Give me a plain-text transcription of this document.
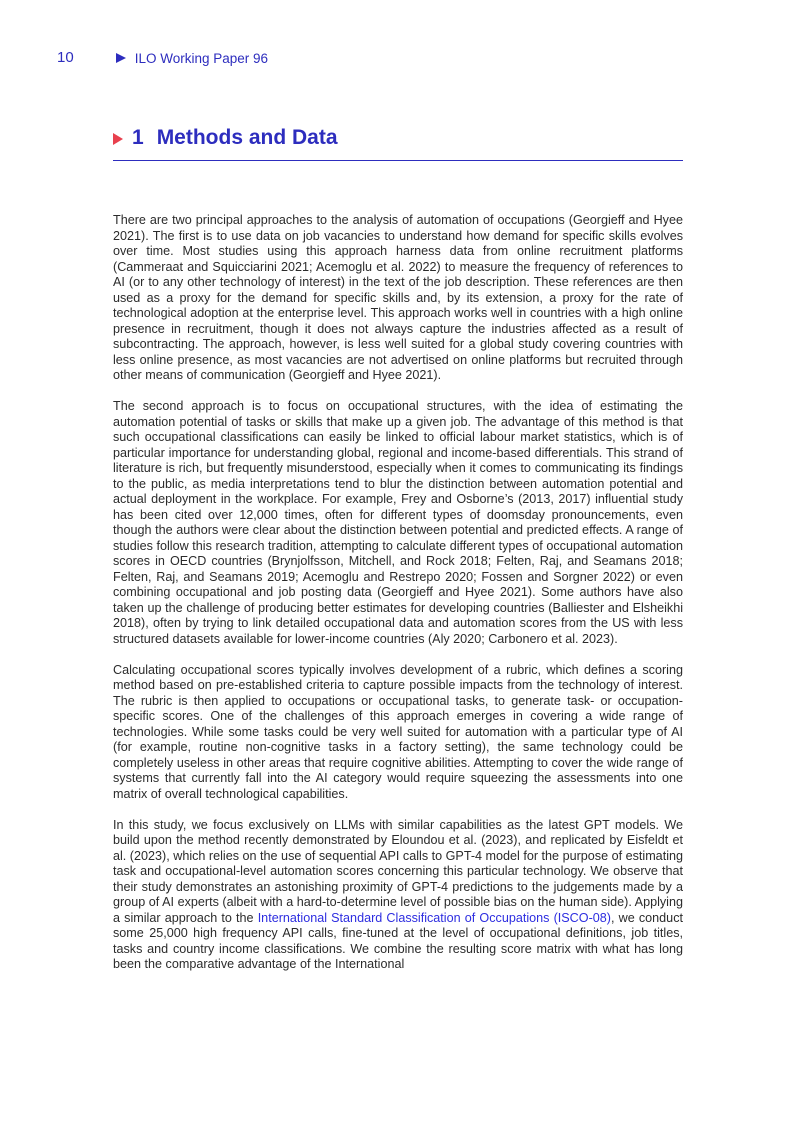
10	ILO Working Paper 96
1 Methods and Data

There are two principal approaches to the analysis of automation of occupations (Georgieff and Hyee 2021). The first is to use data on job vacancies to understand how demand for specific skills evolves over time. Most studies using this approach harness data from online recruitment platforms (Cammeraat and Squicciarini 2021; Acemoglu et al. 2022) to measure the frequency of references to AI (or to any other technology of interest) in the text of the job description. These references are then used as a proxy for the demand for specific skills and, by its extension, a proxy for the rate of technological adoption at the enterprise level. This approach works well in countries with a high online presence in recruitment, though it does not always capture the industries affected as a result of subcontracting. The approach, however, is less well suited for a global study covering countries with less online presence, as most vacancies are not advertised on online platforms but recruited through other means of communication (Georgieff and Hyee 2021).

The second approach is to focus on occupational structures, with the idea of estimating the automation potential of tasks or skills that make up a given job. The advantage of this method is that such occupational classifications can easily be linked to official labour market statistics, which is of particular importance for understanding global, regional and income-based differentials. This strand of literature is rich, but frequently misunderstood, especially when it comes to communicating its findings to the public, as media interpretations tend to blur the distinction between automation potential and actual deployment in the workplace. For example, Frey and Osborne’s (2013, 2017) influential study has been cited over 12,000 times, often for different types of doomsday pronouncements, even though the authors were clear about the distinction between potential and predicted effects. A range of studies follow this research tradition, attempting to calculate different types of occupational automation scores in OECD countries (Brynjolfsson, Mitchell, and Rock 2018; Felten, Raj, and Seamans 2018; Felten, Raj, and Seamans 2019; Acemoglu and Restrepo 2020; Fossen and Sorgner 2022) or even combining occupational and job posting data (Georgieff and Hyee 2021). Some authors have also taken up the challenge of producing better estimates for developing countries (Balliester and Elsheikhi 2018), often by trying to link detailed occupational data and automation scores from the US with less structured datasets available for lower-income countries (Aly 2020; Carbonero et al. 2023).

Calculating occupational scores typically involves development of a rubric, which defines a scoring method based on pre-established criteria to capture possible impacts from the technology of interest. The rubric is then applied to occupations or occupational tasks, to generate task- or occupation-specific scores. One of the challenges of this approach emerges in covering a wide range of technologies. While some tasks could be very well suited for automation with a particular type of AI (for example, routine non-cognitive tasks in a factory setting), the same technology could be completely useless in other areas that require cognitive abilities. Attempting to cover the wide range of systems that currently fall into the AI category would require squeezing the assessments into one matrix of overall technological capabilities.

In this study, we focus exclusively on LLMs with similar capabilities as the latest GPT models. We build upon the method recently demonstrated by Eloundou et al. (2023), and replicated by Eisfeldt et al. (2023), which relies on the use of sequential API calls to GPT-4 model for the purpose of estimating task and occupational-level automation scores concerning this particular technology. We observe that their study demonstrates an astonishing proximity of GPT-4 predictions to the judgements made by a group of AI experts (albeit with a hard-to-determine level of possible bias on the human side). Applying a similar approach to the International Standard Classification of Occupations (ISCO-08), we conduct some 25,000 high frequency API calls, fine-tuned at the level of occupational definitions, job titles, tasks and country income classifications. We combine the resulting score matrix with what has long been the comparative advantage of the International
